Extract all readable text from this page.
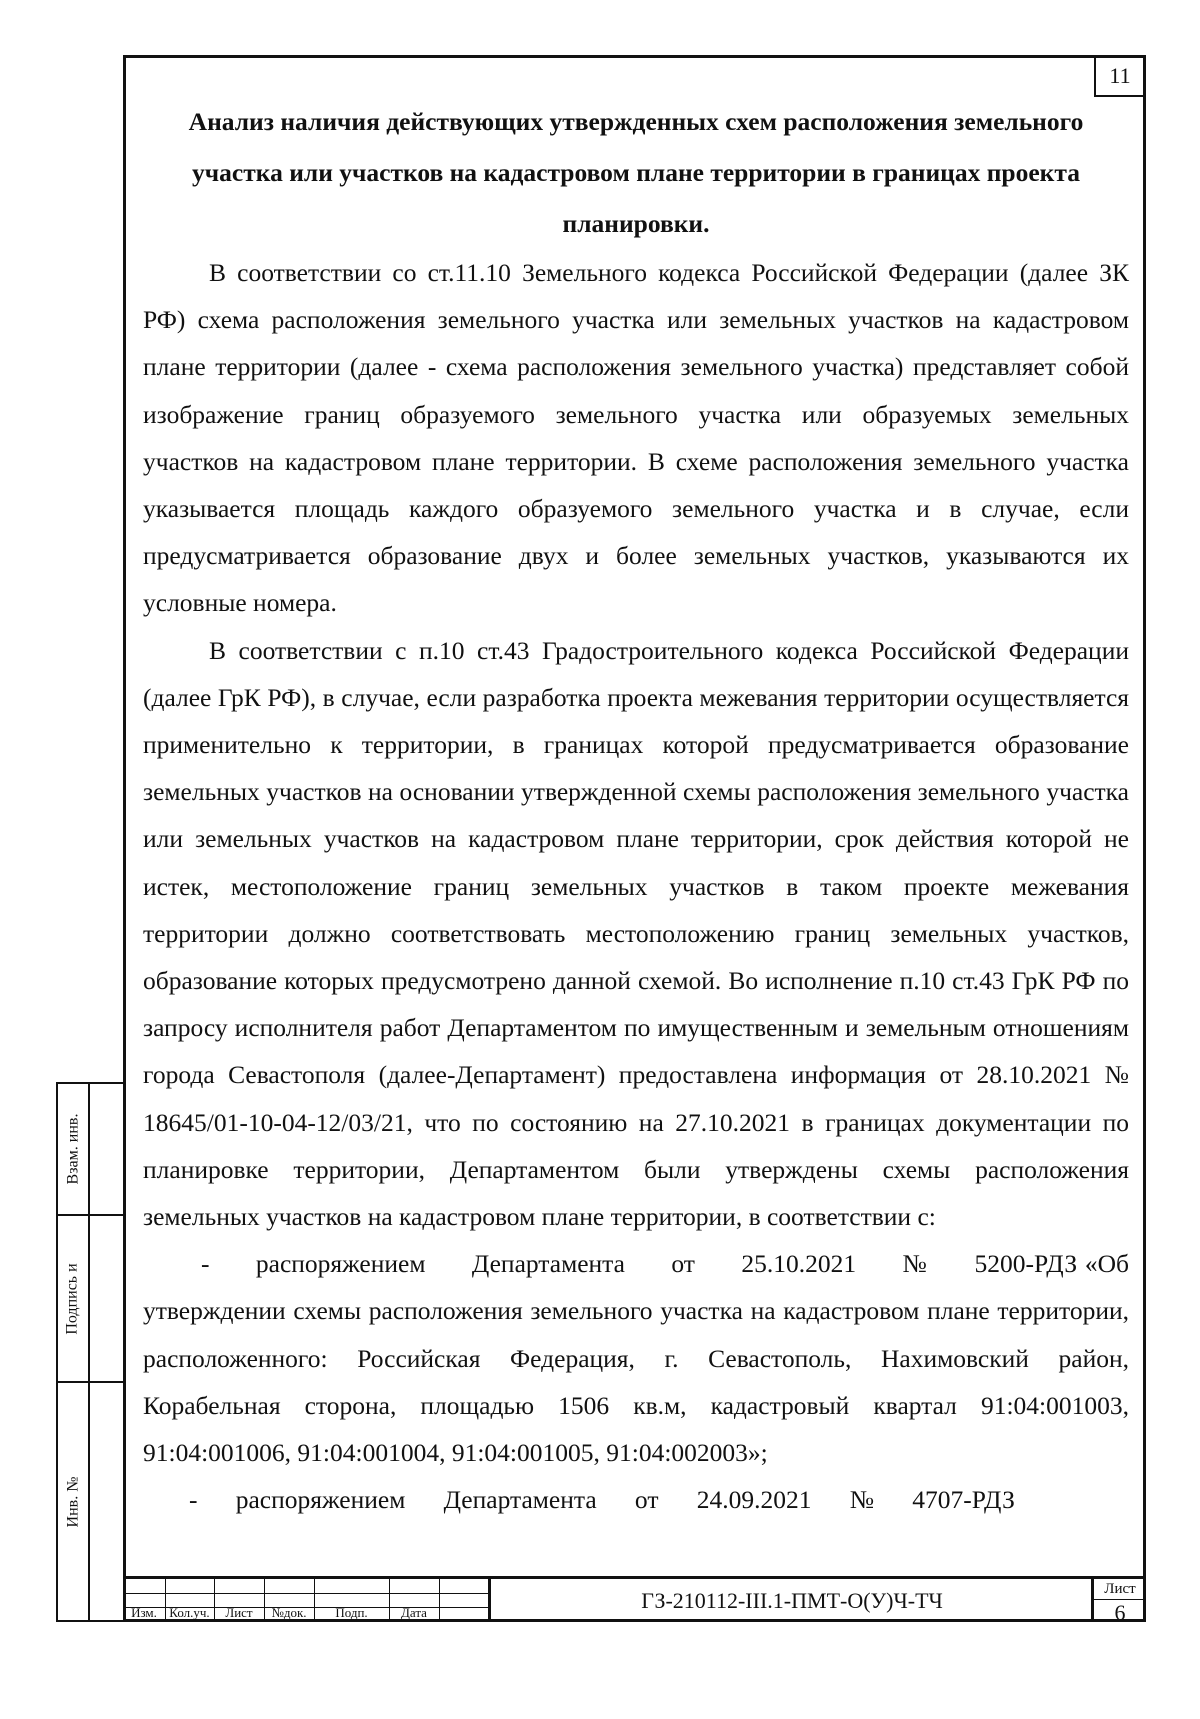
11
Анализ наличия действующих утвержденных схем расположения земельного участка или участков на кадастровом плане территории в границах проекта планировки.
В соответствии со ст.11.10 Земельного кодекса Российской Федерации (далее ЗК РФ) схема расположения земельного участка или земельных участков на кадастровом плане территории (далее - схема расположения земельного участка) представляет собой изображение границ образуемого земельного участка или образуемых земельных участков на кадастровом плане территории. В схеме расположения земельного участка указывается площадь каждого образуемого земельного участка и в случае, если предусматривается образование двух и более земельных участков, указываются их условные номера.
В соответствии с п.10 ст.43 Градостроительного кодекса Российской Федерации (далее ГрК РФ), в случае, если разработка проекта межевания территории осуществляется применительно к территории, в границах которой предусматривается образование земельных участков на основании утвержденной схемы расположения земельного участка или земельных участков на кадастровом плане территории, срок действия которой не истек, местоположение границ земельных участков в таком проекте межевания территории должно соответствовать местоположению границ земельных участков, образование которых предусмотрено данной схемой. Во исполнение п.10 ст.43 ГрК РФ по запросу исполнителя работ Департаментом по имущественным и земельным отношениям города Севастополя (далее-Департамент) предоставлена информация от 28.10.2021 № 18645/01-10-04-12/03/21, что по состоянию на 27.10.2021 в границах документации по планировке территории, Департаментом были утверждены схемы расположения земельных участков на кадастровом плане территории, в соответствии с:
-      распоряжением      Департамента      от      25.10.2021      №      5200-РДЗ «Об утверждении схемы расположения земельного участка на кадастровом плане территории, расположенного: Российская Федерация, г. Севастополь, Нахимовский район, Корабельная сторона, площадью 1506 кв.м, кадастровый квартал 91:04:001003, 91:04:001006, 91:04:001004, 91:04:001005, 91:04:002003»;
-      распоряжением      Департамента      от      24.09.2021      №      4707-РДЗ
Взам. инв.
Подпись и
Инв. №
Изм. Кол.уч.	Лист	№док.	Подп.	Дата	ГЗ-210112-III.1-ПМТ-О(У)Ч-ТЧ	Лист
6
